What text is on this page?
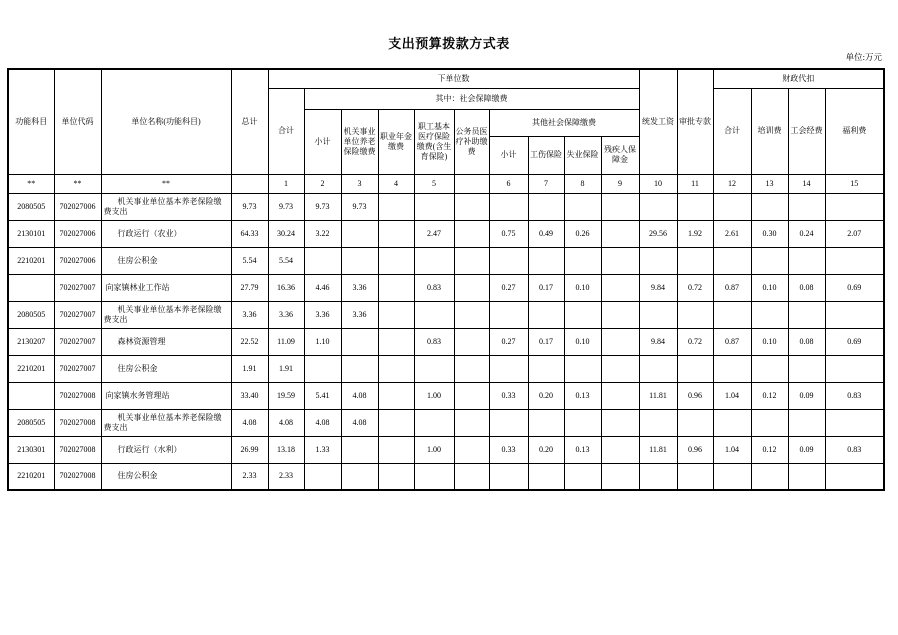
支出预算拨款方式表
单位:万元
功能科目	单位代码	单位名称(功能科目)	总计	下单位数										统发工资	审批专款	财政代扣			
				合计	其中：社会保障缴费											合计	培训费	工会经费	福利费
					小计	机关事业单位养老保险缴费	职业年金缴费	职工基本医疗保险缴费(含生育保险)	公务员医疗补助缴费	其他社会保障缴费									
										小计	工伤保险	失业保险	残疾人保障金						
**	**	**		1	2	3	4	5		6	7	8	9	10	11	12	13	14	15
2080505	702027006	机关事业单位基本养老保险缴费支出	9.73	9.73	9.73	9.73													
2130101	702027006	行政运行（农业）	64.33	30.24	3.22			2.47		0.75	0.49	0.26		29.56	1.92	2.61	0.30	0.24	2.07
2210201	702027006	住房公积金	5.54	5.54															
	702027007	向家镇林业工作站	27.79	16.36	4.46	3.36		0.83		0.27	0.17	0.10		9.84	0.72	0.87	0.10	0.08	0.69
2080505	702027007	机关事业单位基本养老保险缴费支出	3.36	3.36	3.36	3.36													
2130207	702027007	森林资源管理	22.52	11.09	1.10			0.83		0.27	0.17	0.10		9.84	0.72	0.87	0.10	0.08	0.69
2210201	702027007	住房公积金	1.91	1.91															
	702027008	向家镇水务管理站	33.40	19.59	5.41	4.08		1.00		0.33	0.20	0.13		11.81	0.96	1.04	0.12	0.09	0.83
2080505	702027008	机关事业单位基本养老保险缴费支出	4.08	4.08	4.08	4.08													
2130301	702027008	行政运行（水利）	26.99	13.18	1.33			1.00		0.33	0.20	0.13		11.81	0.96	1.04	0.12	0.09	0.83
2210201	702027008	住房公积金	2.33	2.33															
